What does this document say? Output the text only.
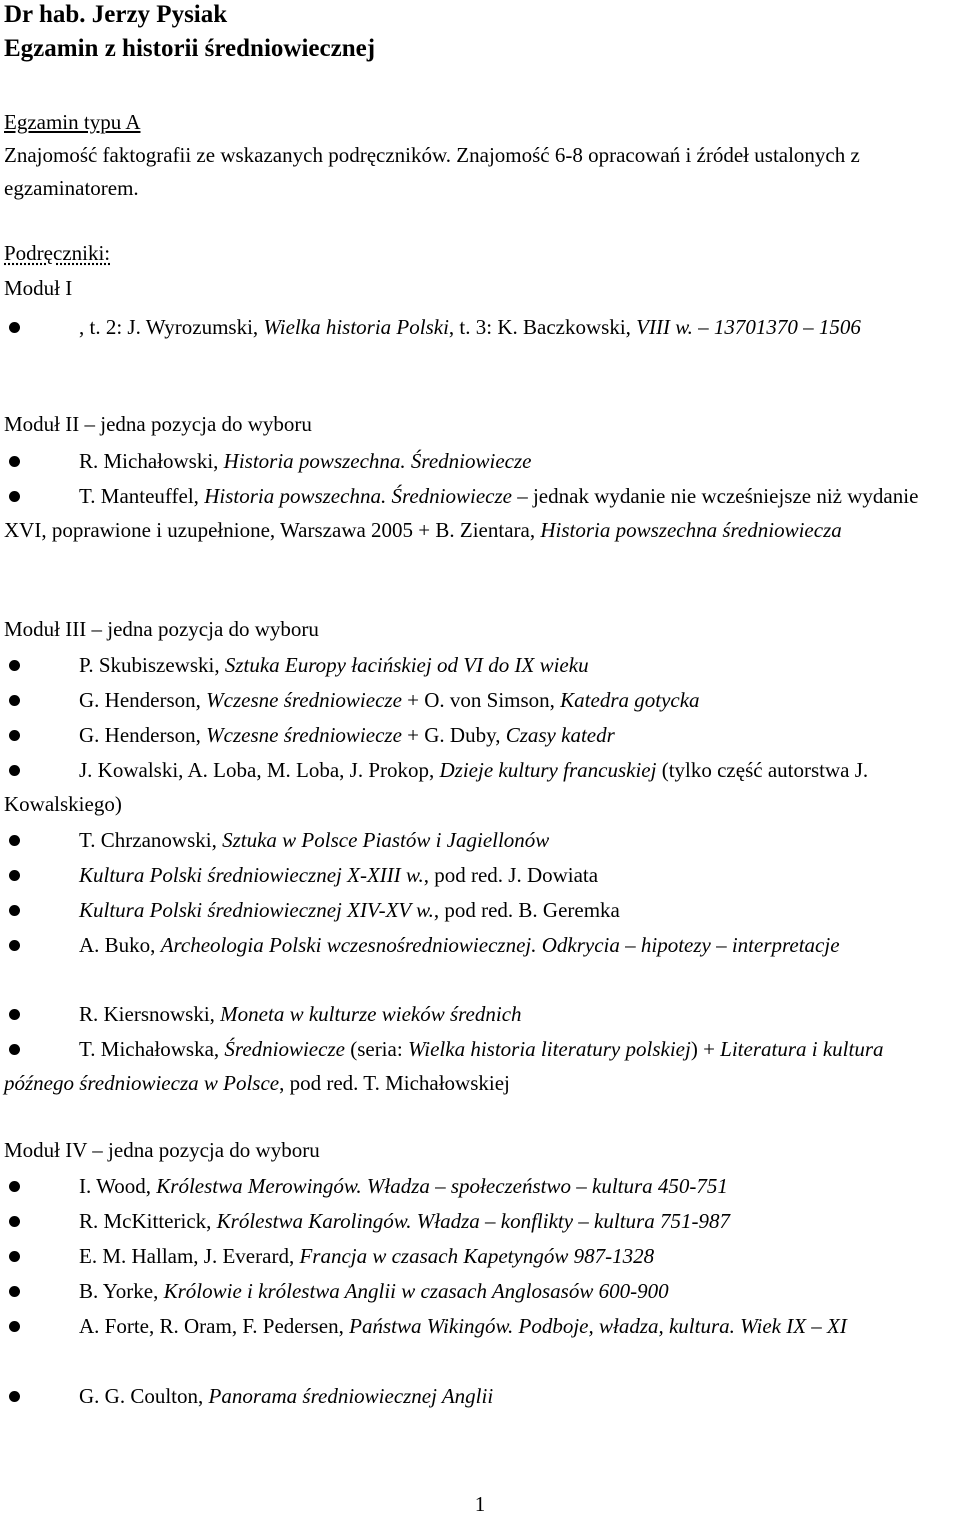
Dr hab. Jerzy Pysiak
Egzamin z historii średniowiecznej
Egzamin typu A
Znajomość faktografii ze wskazanych podręczników. Znajomość 6-8 opracowań i źródeł ustalonych z egzaminatorem.
Podręczniki:
Moduł I
, t. 2: J. Wyrozumski, Wielka historia Polski, t. 3: K. Baczkowski, VIII w. – 13701370 – 1506
Moduł II – jedna pozycja do wyboru
R. Michałowski, Historia powszechna. Średniowiecze
T. Manteuffel, Historia powszechna. Średniowiecze – jednak wydanie nie wcześniejsze niż wydanie XVI, poprawione i uzupełnione, Warszawa 2005 + B. Zientara, Historia powszechna średniowiecza
Moduł III – jedna pozycja do wyboru
P. Skubiszewski, Sztuka Europy łacińskiej od VI do IX wieku
G. Henderson, Wczesne średniowiecze + O. von Simson, Katedra gotycka
G. Henderson, Wczesne średniowiecze + G. Duby, Czasy katedr
J. Kowalski, A. Loba, M. Loba, J. Prokop, Dzieje kultury francuskiej (tylko część autorstwa J. Kowalskiego)
T. Chrzanowski, Sztuka w Polsce Piastów i Jagiellonów
Kultura Polski średniowiecznej X-XIII w., pod red. J. Dowiata
Kultura Polski średniowiecznej XIV-XV w., pod red. B. Geremka
A. Buko, Archeologia Polski wczesnośredniowiecznej. Odkrycia – hipotezy – interpretacje
R. Kiersnowski, Moneta w kulturze wieków średnich
T. Michałowska, Średniowiecze (seria: Wielka historia literatury polskiej) + Literatura i kultura późnego średniowiecza w Polsce, pod red. T. Michałowskiej
Moduł IV – jedna pozycja do wyboru
I. Wood, Królestwa Merowingów. Władza – społeczeństwo – kultura 450-751
R. McKitterick, Królestwa Karolingów. Władza – konflikty – kultura 751-987
E. M. Hallam, J. Everard, Francja w czasach Kapetyngów 987-1328
B. Yorke, Królowie i królestwa Anglii w czasach Anglosasów 600-900
A. Forte, R. Oram, F. Pedersen, Państwa Wikingów. Podboje, władza, kultura. Wiek IX – XI
G. G. Coulton, Panorama średniowiecznej Anglii
1
